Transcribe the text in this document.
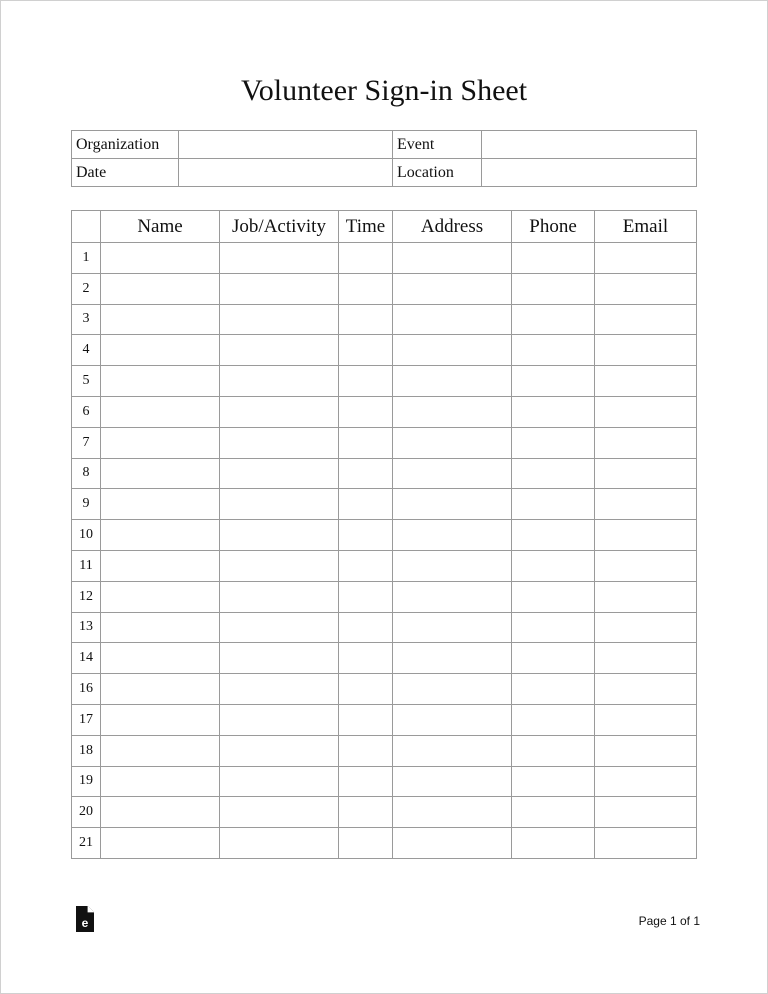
Volunteer Sign-in Sheet
Organization		Event	
Date		Location	
	Name	Job/Activity	Time	Address	Phone	Email
1						
2						
3						
4						
5						
6						
7						
8						
9						
10						
11						
12						
13						
14						
16						
17						
18						
19						
20						
21						
e	Page 1 of 1
